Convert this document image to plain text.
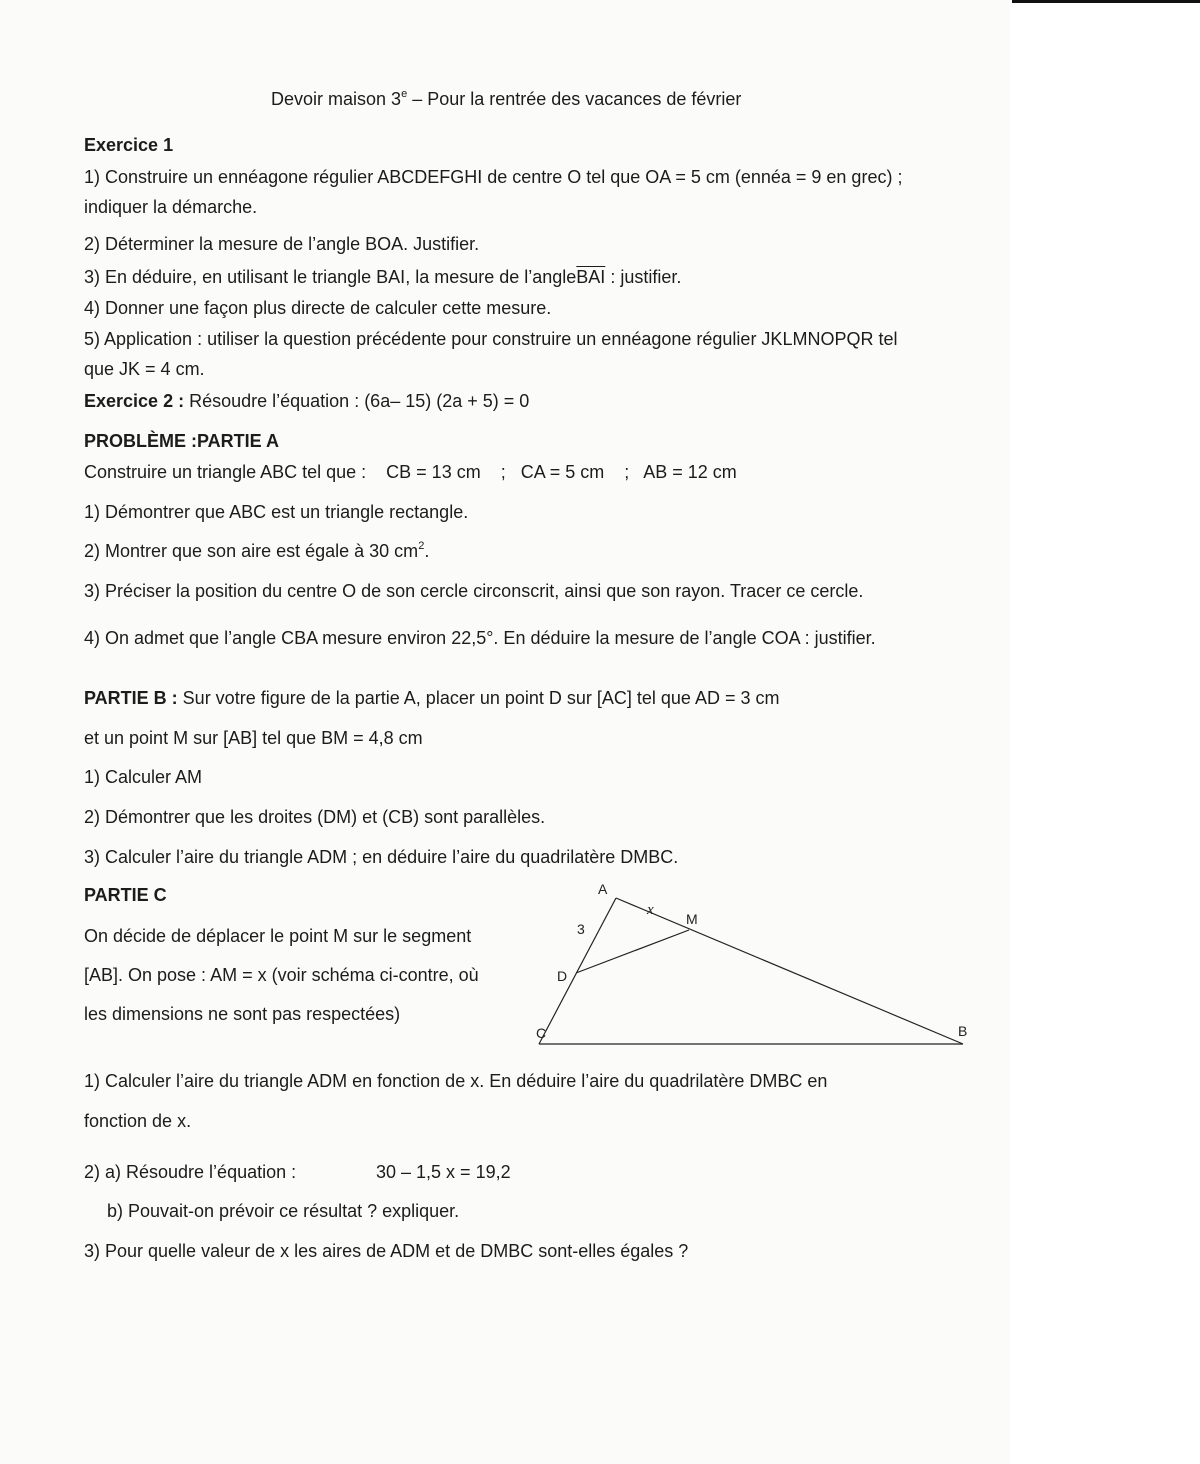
Devoir maison 3e – Pour la rentrée des vacances de février
Exercice 1
1) Construire un ennéagone régulier ABCDEFGHI de centre O tel que OA = 5 cm (ennéa = 9 en grec) ;
indiquer la démarche.
2) Déterminer la mesure de l’angle BOA. Justifier.
3) En déduire, en utilisant le triangle BAI, la mesure de $l’angle\overline{BAI}$ : justifier.
4) Donner une façon plus directe de calculer cette mesure.
5) Application : utiliser la question précédente pour construire un ennéagone régulier JKLMNOPQR tel
que JK = 4 cm.
Exercice 2 : Résoudre l’équation : (6a– 15) (2a + 5) = 0
PROBLÈME :PARTIE A
Construire un triangle ABC tel que :    CB = 13 cm    ;   CA = 5 cm    ;   AB = 12 cm
1) Démontrer que ABC est un triangle rectangle.
2) Montrer que son aire est égale à 30 $cm^2$.
3) Préciser la position du centre O de son cercle circonscrit, ainsi que son rayon. Tracer ce cercle.
4) On admet que l’angle CBA mesure environ 22,5°. En déduire la mesure de l’angle COA : justifier.
PARTIE B : Sur votre figure de la partie A, placer un point D sur [AC] tel que AD = 3 cm
et un point M sur [AB] tel que BM = 4,8 cm
1) Calculer AM
2) Démontrer que les droites (DM) et (CB) sont parallèles.
3) Calculer l’aire du triangle ADM ; en déduire l’aire du quadrilatère DMBC.
PARTIE C
On décide de déplacer le point M sur le segment
[AB]. On pose : AM = x (voir schéma ci-contre, où
les dimensions ne sont pas respectées)
A
B
C
D
M
x
3
1) Calculer l’aire du triangle ADM en fonction de x. En déduire l’aire du quadrilatère DMBC en
fonction de x.
2) a) Résoudre l’équation :	30 – 1,5 x = 19,2
b) Pouvait-on prévoir ce résultat ? expliquer.
3) Pour quelle valeur de x les aires de ADM et de DMBC sont-elles égales ?
